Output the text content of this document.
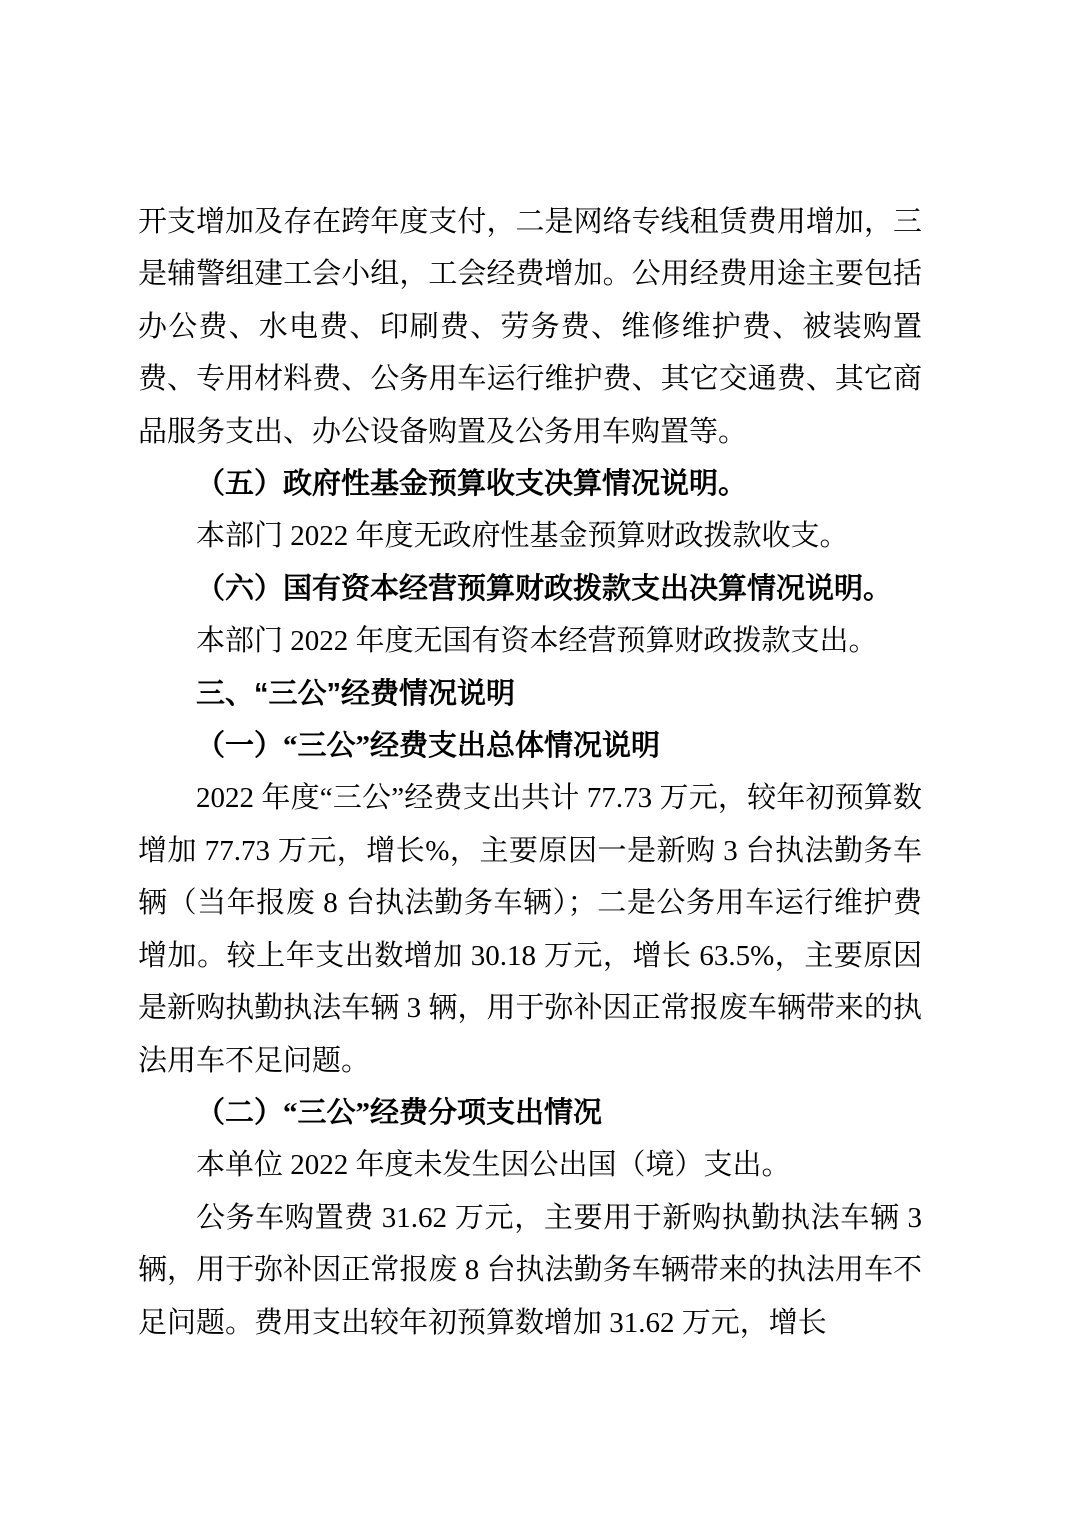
开支增加及存在跨年度支付，二是网络专线租赁费用增加，三是辅警组建工会小组，工会经费增加。公用经费用途主要包括办公费、水电费、印刷费、劳务费、维修维护费、被装购置费、专用材料费、公务用车运行维护费、其它交通费、其它商品服务支出、办公设备购置及公务用车购置等。

（五）政府性基金预算收支决算情况说明。

本部门 2022 年度无政府性基金预算财政拨款收支。

（六）国有资本经营预算财政拨款支出决算情况说明。

本部门 2022 年度无国有资本经营预算财政拨款支出。

三、“三公”经费情况说明
（一）“三公”经费支出总体情况说明

2022 年度“三公”经费支出共计 77.73 万元，较年初预算数增加 77.73 万元，增长%，主要原因一是新购 3 台执法勤务车辆（当年报废 8 台执法勤务车辆）；二是公务用车运行维护费增加。较上年支出数增加 30.18 万元，增长 63.5%，主要原因是新购执勤执法车辆 3 辆，用于弥补因正常报废车辆带来的执法用车不足问题。

（二）“三公”经费分项支出情况

本单位 2022 年度未发生因公出国（境）支出。

公务车购置费 31.62 万元，主要用于新购执勤执法车辆 3 辆，用于弥补因正常报废 8 台执法勤务车辆带来的执法用车不足问题。费用支出较年初预算数增加 31.62 万元，增长
